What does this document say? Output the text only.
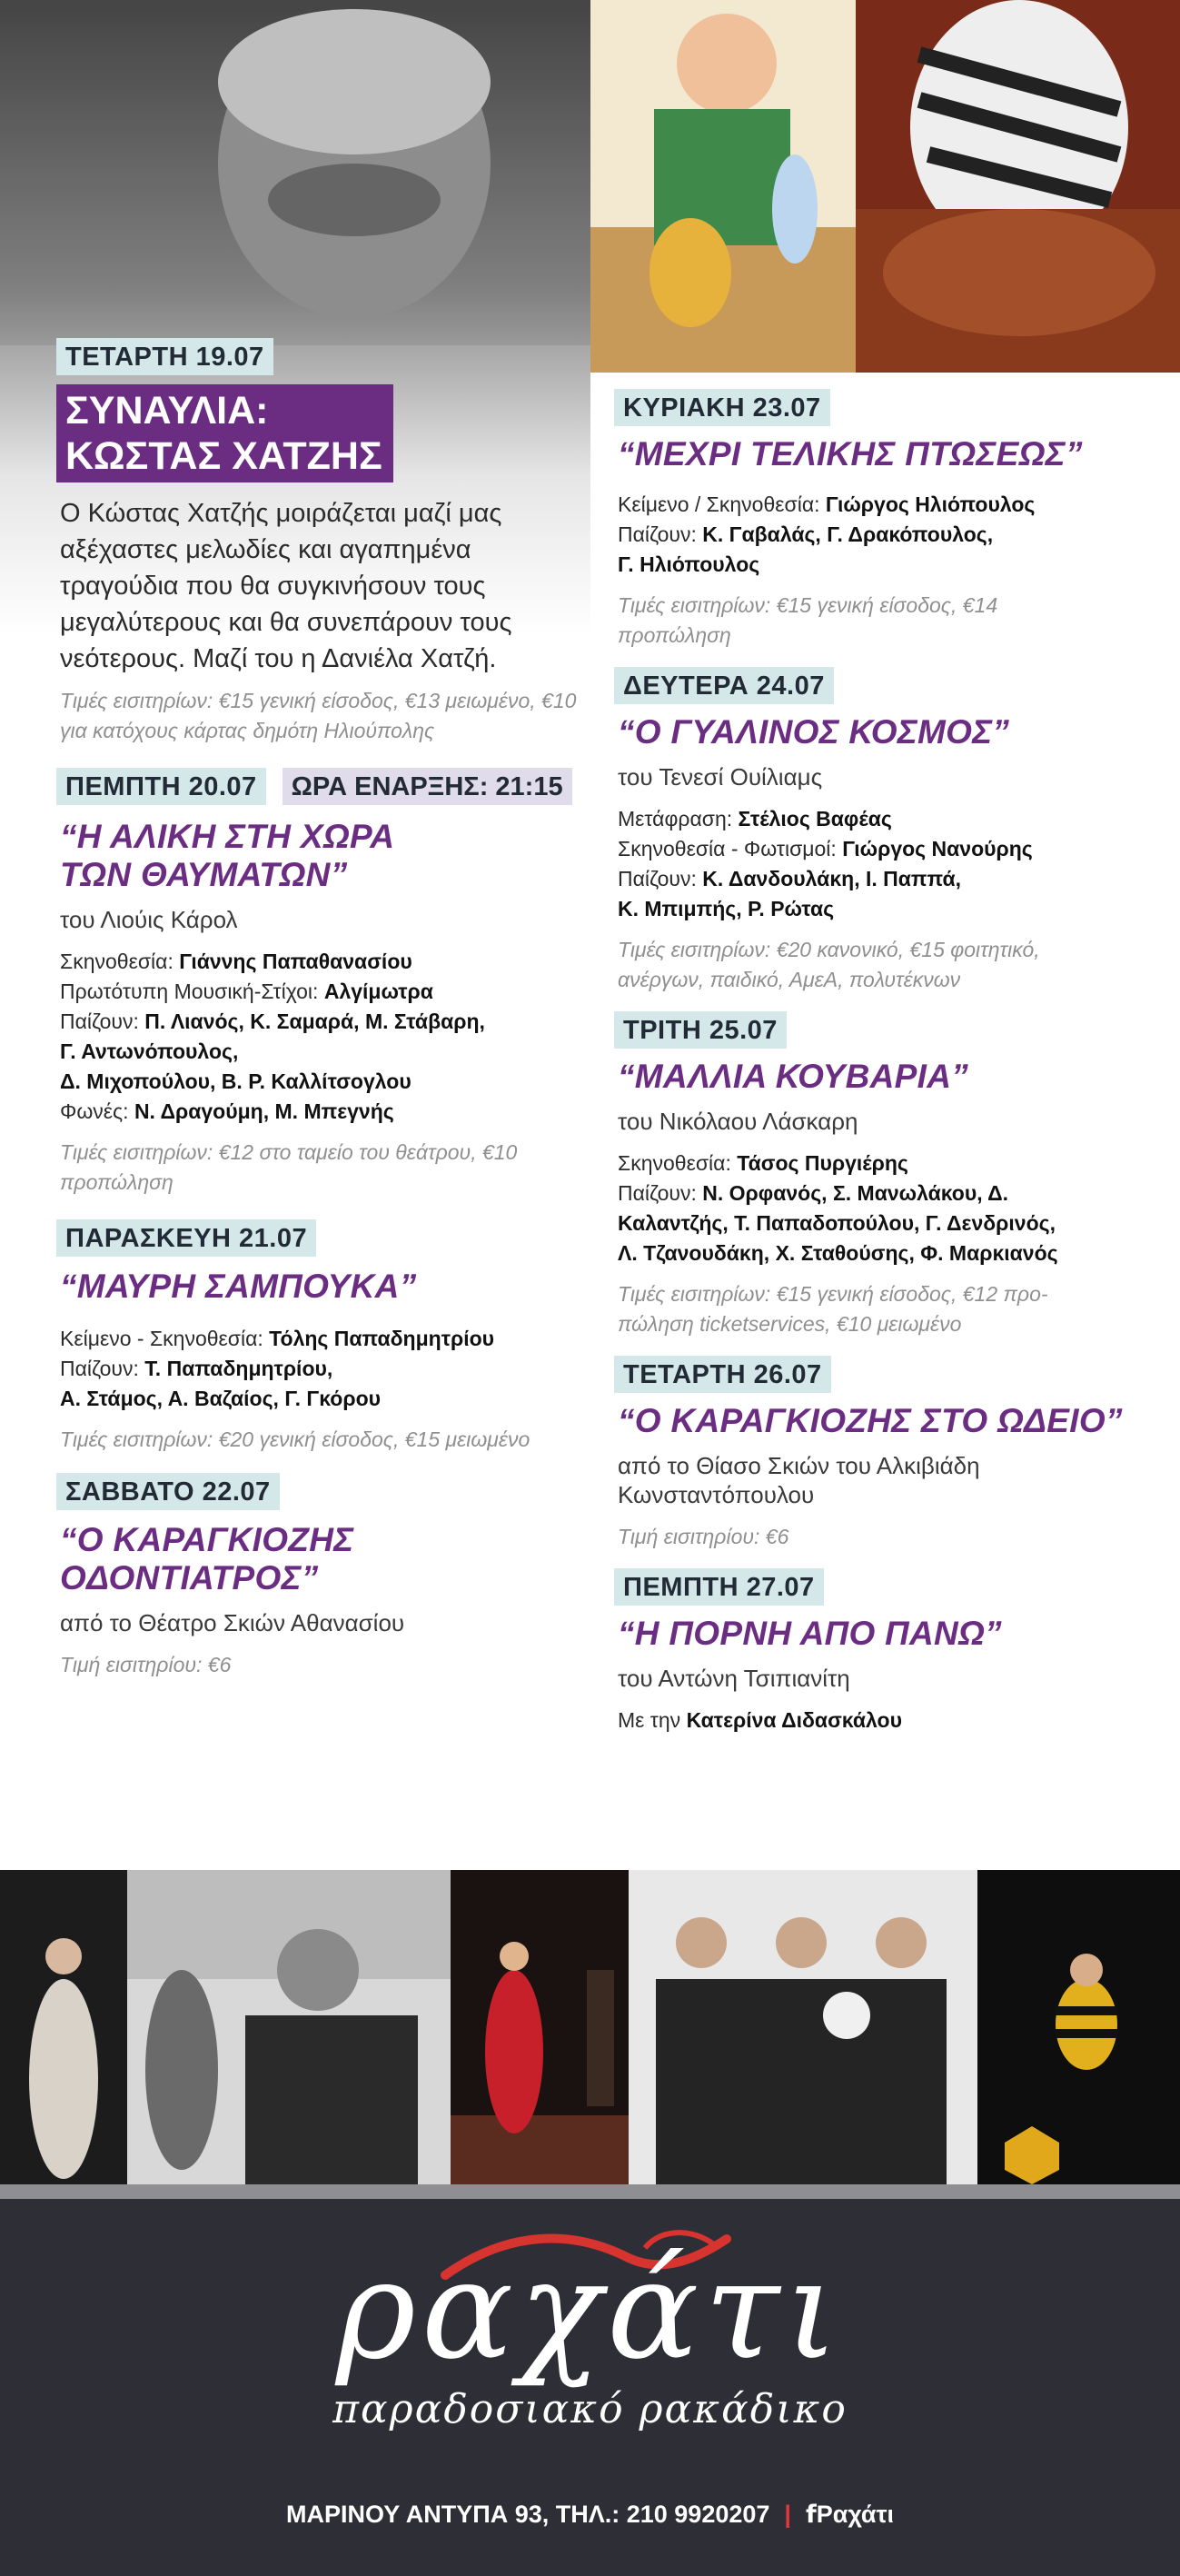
ΤΕΤΑΡΤΗ 19.07
ΣΥΝΑΥΛΙΑ:
ΚΩΣΤΑΣ ΧΑΤΖΗΣ
Ο Κώστας Χατζής μοιράζεται μαζί μας αξέχαστες μελωδίες και αγαπημένα τραγούδια που θα συγκινήσουν τους μεγαλύτερους και θα συνεπάρουν τους νεότερους. Μαζί του η Δανιέλα Χατζή.
Τιμές εισιτηρίων: €15 γενική είσοδος, €13 μειωμένο, €10 για κατόχους κάρτας δημότη Ηλιούπολης
ΠΕΜΠΤΗ 20.07 ΩΡΑ ΕΝΑΡΞΗΣ: 21:15
“Η ΑΛΙΚΗ ΣΤΗ ΧΩΡΑ
ΤΩΝ ΘΑΥΜΑΤΩΝ”
του Λιούις Κάρολ
Σκηνοθεσία: Γιάννης Παπαθανασίου
Πρωτότυπη Μουσική-Στίχοι: Αλγίμωτρα
Παίζουν: Π. Λιανός, Κ. Σαμαρά, Μ. Στάβαρη,
Γ. Αντωνόπουλος,
Δ. Μιχοπούλου, Β. Ρ. Καλλίτσογλου
Φωνές: Ν. Δραγούμη, Μ. Μπεγνής
Τιμές εισιτηρίων: €12 στο ταμείο του θεάτρου, €10 προπώληση
ΠΑΡΑΣΚΕΥΗ 21.07
“ΜΑΥΡΗ ΣΑΜΠΟΥΚΑ”
Κείμενο - Σκηνοθεσία: Τόλης Παπαδημητρίου
Παίζουν: Τ. Παπαδημητρίου,
Α. Στάμος, Α. Βαζαίος, Γ. Γκόρου
Τιμές εισιτηρίων: €20 γενική είσοδος, €15 μειωμένο
ΣΑΒΒΑΤΟ 22.07
“Ο ΚΑΡΑΓΚΙΟΖΗΣ
ΟΔΟΝΤΙΑΤΡΟΣ”
από το Θέατρο Σκιών Αθανασίου
Τιμή εισιτηρίου: €6
ΚΥΡΙΑΚΗ 23.07
“ΜΕΧΡΙ ΤΕΛΙΚΗΣ ΠΤΩΣΕΩΣ”
Κείμενο / Σκηνοθεσία: Γιώργος Ηλιόπουλος
Παίζουν: Κ. Γαβαλάς, Γ. Δρακόπουλος,
Γ. Ηλιόπουλος
Τιμές εισιτηρίων: €15 γενική είσοδος, €14 προπώληση
ΔΕΥΤΕΡΑ 24.07
“Ο ΓΥΑΛΙΝΟΣ ΚΟΣΜΟΣ”
του Τενεσί Ουίλιαμς
Μετάφραση: Στέλιος Βαφέας
Σκηνοθεσία - Φωτισμοί: Γιώργος Νανούρης
Παίζουν: Κ. Δανδουλάκη, Ι. Παππά,
Κ. Μπιμπής, Ρ. Ρώτας
Τιμές εισιτηρίων: €20 κανονικό, €15 φοιτητικό, ανέργων, παιδικό, ΑμεΑ, πολυτέκνων
ΤΡΙΤΗ 25.07
“ΜΑΛΛΙΑ ΚΟΥΒΑΡΙΑ”
του Νικόλαου Λάσκαρη
Σκηνοθεσία: Τάσος Πυργιέρης
Παίζουν: Ν. Ορφανός, Σ. Μανωλάκου, Δ.
Καλαντζής, Τ. Παπαδοπούλου, Γ. Δενδρινός,
Λ. Τζανουδάκη, Χ. Σταθούσης, Φ. Μαρκιανός
Τιμές εισιτηρίων: €15 γενική είσοδος, €12 προ- πώληση ticketservices, €10 μειωμένο
ΤΕΤΑΡΤΗ 26.07
“Ο ΚΑΡΑΓΚΙΟΖΗΣ ΣΤΟ ΩΔΕΙΟ”
από το Θίασο Σκιών του Αλκιβιάδη Κωνσταντόπουλου
Τιμή εισιτηρίου: €6
ΠΕΜΠΤΗ 27.07
“Η ΠΟΡΝΗ ΑΠΟ ΠΑΝΩ”
του Αντώνη Τσιπιανίτη
Με την Κατερίνα Διδασκάλου
ραχάτι
παραδοσιακό ρακάδικο
ΜΑΡΙΝΟΥ ΑΝΤΥΠΑ 93, ΤΗΛ.: 210 9920207 | fΡαχάτι
